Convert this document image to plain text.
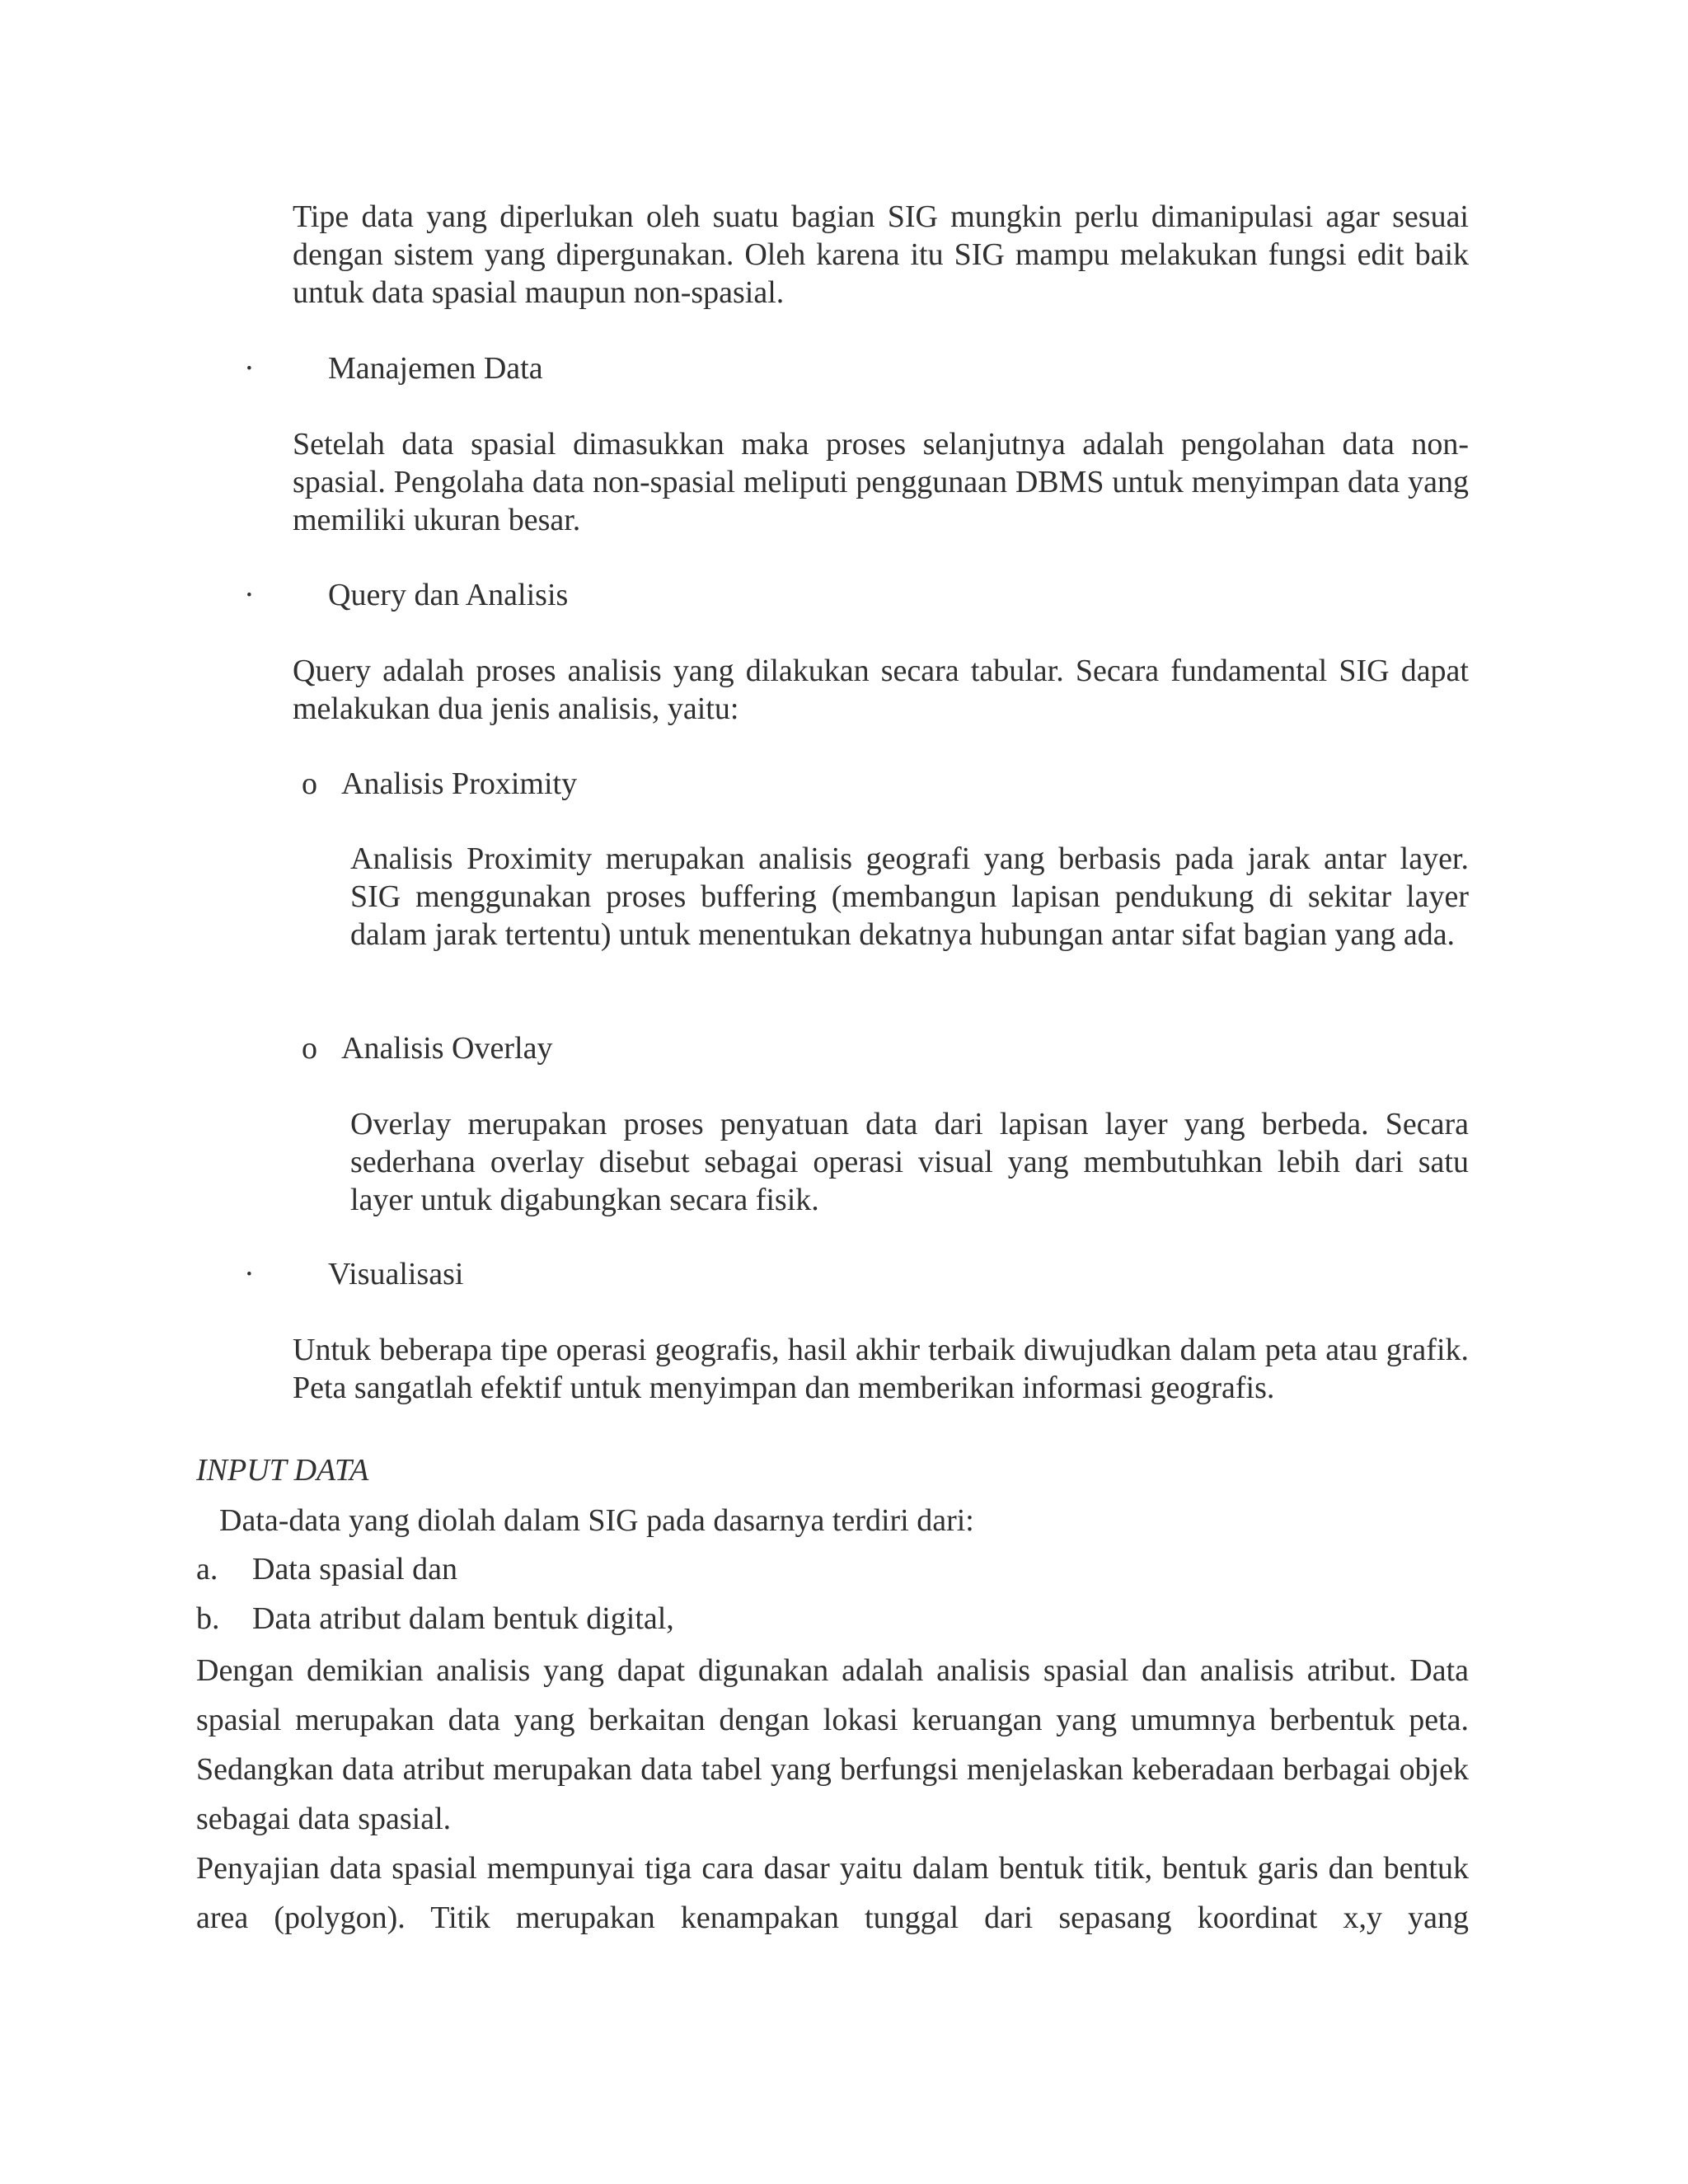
Tipe data yang diperlukan oleh suatu bagian SIG mungkin perlu dimanipulasi agar sesuai dengan sistem yang dipergunakan. Oleh karena itu SIG mampu melakukan fungsi edit baik untuk data spasial maupun non-spasial.

· Manajemen Data

Setelah data spasial dimasukkan maka proses selanjutnya adalah pengolahan data non-spasial. Pengolaha data non-spasial meliputi penggunaan DBMS untuk menyimpan data yang memiliki ukuran besar.

· Query dan Analisis

Query adalah proses analisis yang dilakukan secara tabular. Secara fundamental SIG dapat melakukan dua jenis analisis, yaitu:

o Analisis Proximity

Analisis Proximity merupakan analisis geografi yang berbasis pada jarak antar layer. SIG menggunakan proses buffering (membangun lapisan pendukung di sekitar layer dalam jarak tertentu) untuk menentukan dekatnya hubungan antar sifat bagian yang ada.

o Analisis Overlay

Overlay merupakan proses penyatuan data dari lapisan layer yang berbeda. Secara sederhana overlay disebut sebagai operasi visual yang membutuhkan lebih dari satu layer untuk digabungkan secara fisik.

· Visualisasi

Untuk beberapa tipe operasi geografis, hasil akhir terbaik diwujudkan dalam peta atau grafik. Peta sangatlah efektif untuk menyimpan dan memberikan informasi geografis.

INPUT DATA
Data-data yang diolah dalam SIG pada dasarnya terdiri dari:
a. Data spasial dan
b. Data atribut dalam bentuk digital,

Dengan demikian analisis yang dapat digunakan adalah analisis spasial dan analisis atribut. Data spasial merupakan data yang berkaitan dengan lokasi keruangan yang umumnya berbentuk peta. Sedangkan data atribut merupakan data tabel yang berfungsi menjelaskan keberadaan berbagai objek sebagai data spasial.

Penyajian data spasial mempunyai tiga cara dasar yaitu dalam bentuk titik, bentuk garis dan bentuk

area (polygon). Titik merupakan kenampakan tunggal dari sepasang koordinat x,y yang
